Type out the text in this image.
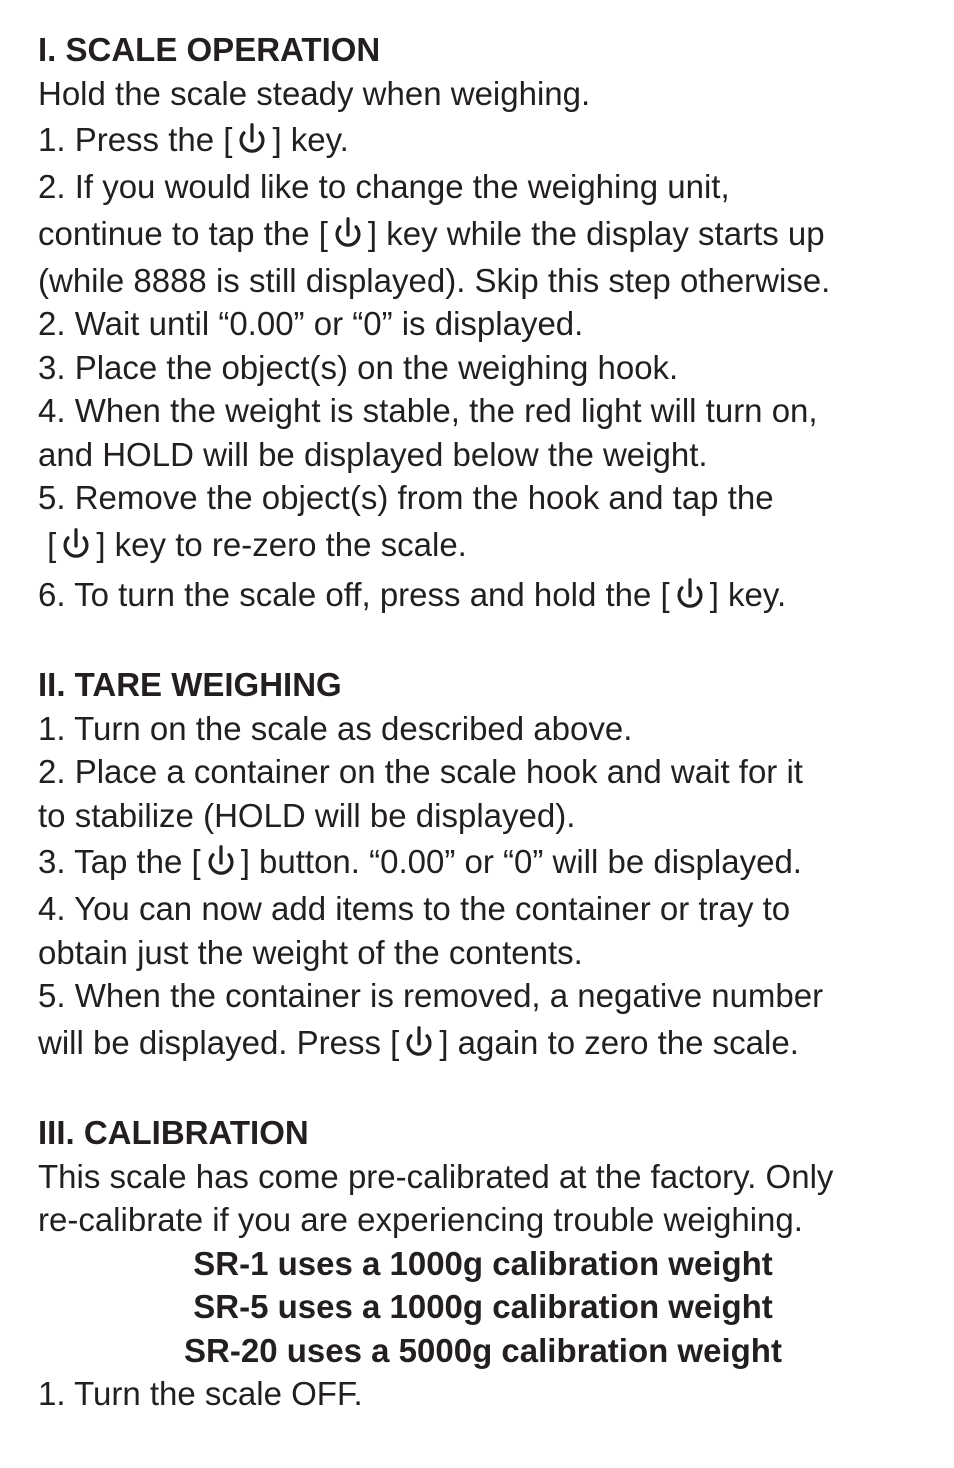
I. SCALE OPERATION
Hold the scale steady when weighing.
1. Press the [ ] key.
2. If you would like to change the weighing unit,
continue to tap the [ ] key while the display starts up
(while 8888 is still displayed). Skip this step otherwise.
2. Wait until “0.00” or “0” is displayed.
3. Place the object(s) on the weighing hook.
4. When the weight is stable, the red light will turn on,
and HOLD will be displayed below the weight.
5. Remove the object(s) from the hook and tap the
[ ] key to re-zero the scale.
6. To turn the scale off, press and hold the [ ] key.
II. TARE WEIGHING
1. Turn on the scale as described above.
2. Place a container on the scale hook and wait for it
to stabilize (HOLD will be displayed).
3. Tap the [ ] button. “0.00” or “0” will be displayed.
4. You can now add items to the container or tray to
obtain just the weight of the contents.
5. When the container is removed, a negative number
will be displayed. Press [ ] again to zero the scale.
III. CALIBRATION
This scale has come pre-calibrated at the factory. Only
re-calibrate if you are experiencing trouble weighing.
SR-1 uses a 1000g calibration weight
SR-5 uses a 1000g calibration weight
SR-20 uses a 5000g calibration weight
1. Turn the scale OFF.
